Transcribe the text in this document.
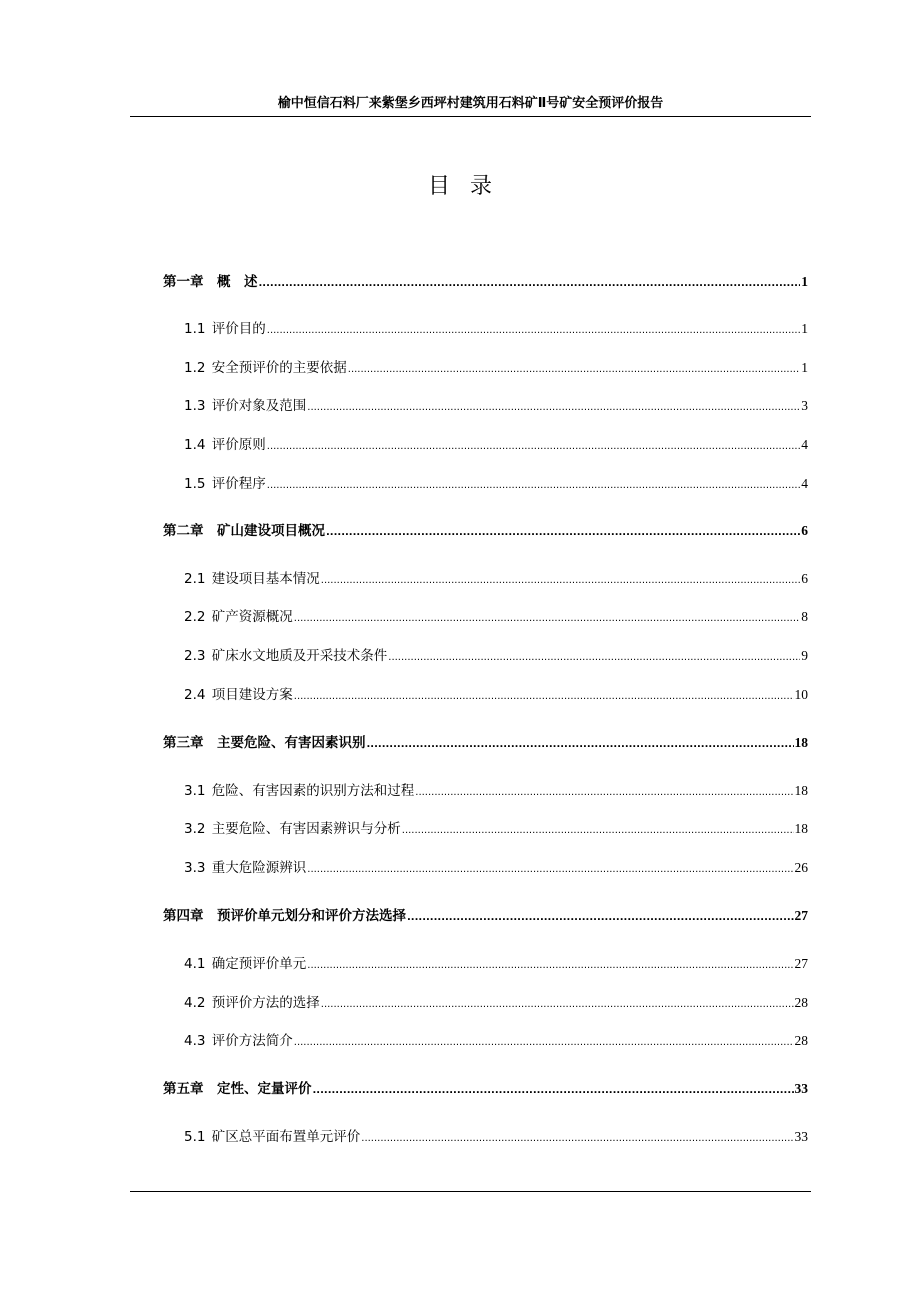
榆中恒信石料厂来紫堡乡西坪村建筑用石料矿Ⅱ号矿安全预评价报告
目录
第一章　概　述 .....	1
1.1 评价目的 .....	1
1.2 安全预评价的主要依据 .....	1
1.3 评价对象及范围 .....	3
1.4 评价原则 .....	4
1.5 评价程序 .....	4
第二章　矿山建设项目概况 .....	6
2.1 建设项目基本情况 .....	6
2.2 矿产资源概况 .....	8
2.3 矿床水文地质及开采技术条件 .....	9
2.4 项目建设方案 .....	10
第三章　主要危险、有害因素识别 .....	18
3.1 危险、有害因素的识别方法和过程 .....	18
3.2 主要危险、有害因素辨识与分析 .....	18
3.3 重大危险源辨识 .....	26
第四章　预评价单元划分和评价方法选择 .....	27
4.1 确定预评价单元 .....	27
4.2 预评价方法的选择 .....	28
4.3 评价方法简介 .....	28
第五章　定性、定量评价 .....	33
5.1 矿区总平面布置单元评价 .....	33
